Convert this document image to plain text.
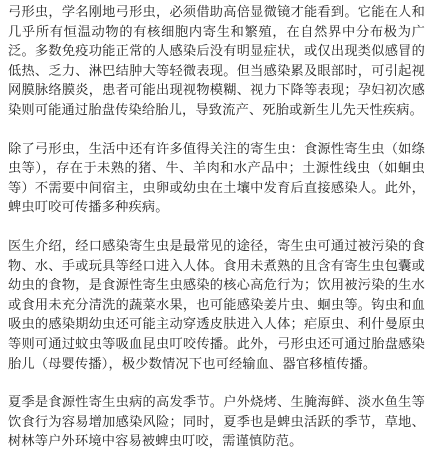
弓形虫，学名刚地弓形虫，必须借助高倍显微镜才能看到。它能在人和几乎所有恒温动物的有核细胞内寄生和繁殖，在自然界中分布极为广泛。多数免疫功能正常的人感染后没有明显症状，或仅出现类似感冒的低热、乏力、淋巴结肿大等轻微表现。但当感染累及眼部时，可引起视网膜脉络膜炎，患者可能出现视物模糊、视力下降等表现；孕妇初次感染则可能通过胎盘传染给胎儿，导致流产、死胎或新生儿先天性疾病。

除了弓形虫，生活中还有许多值得关注的寄生虫：食源性寄生虫（如绦虫等），存在于未熟的猪、牛、羊肉和水产品中；土源性线虫（如蛔虫等）不需要中间宿主，虫卵或幼虫在土壤中发育后直接感染人。此外，蜱虫叮咬可传播多种疾病。

医生介绍，经口感染寄生虫是最常见的途径，寄生虫可通过被污染的食物、水、手或玩具等经口进入人体。食用未煮熟的且含有寄生虫包囊或幼虫的食物，是食源性寄生虫感染的核心高危行为；饮用被污染的生水或食用未充分清洗的蔬菜水果，也可能感染姜片虫、蛔虫等。钩虫和血吸虫的感染期幼虫还可能主动穿透皮肤进入人体；疟原虫、利什曼原虫等则可通过蚊虫等吸血昆虫叮咬传播。此外，弓形虫还可通过胎盘感染胎儿（母婴传播），极少数情况下也可经输血、器官移植传播。

夏季是食源性寄生虫病的高发季节。户外烧烤、生腌海鲜、淡水鱼生等饮食行为容易增加感染风险；同时，夏季也是蜱虫活跃的季节，草地、树林等户外环境中容易被蜱虫叮咬，需谨慎防范。
